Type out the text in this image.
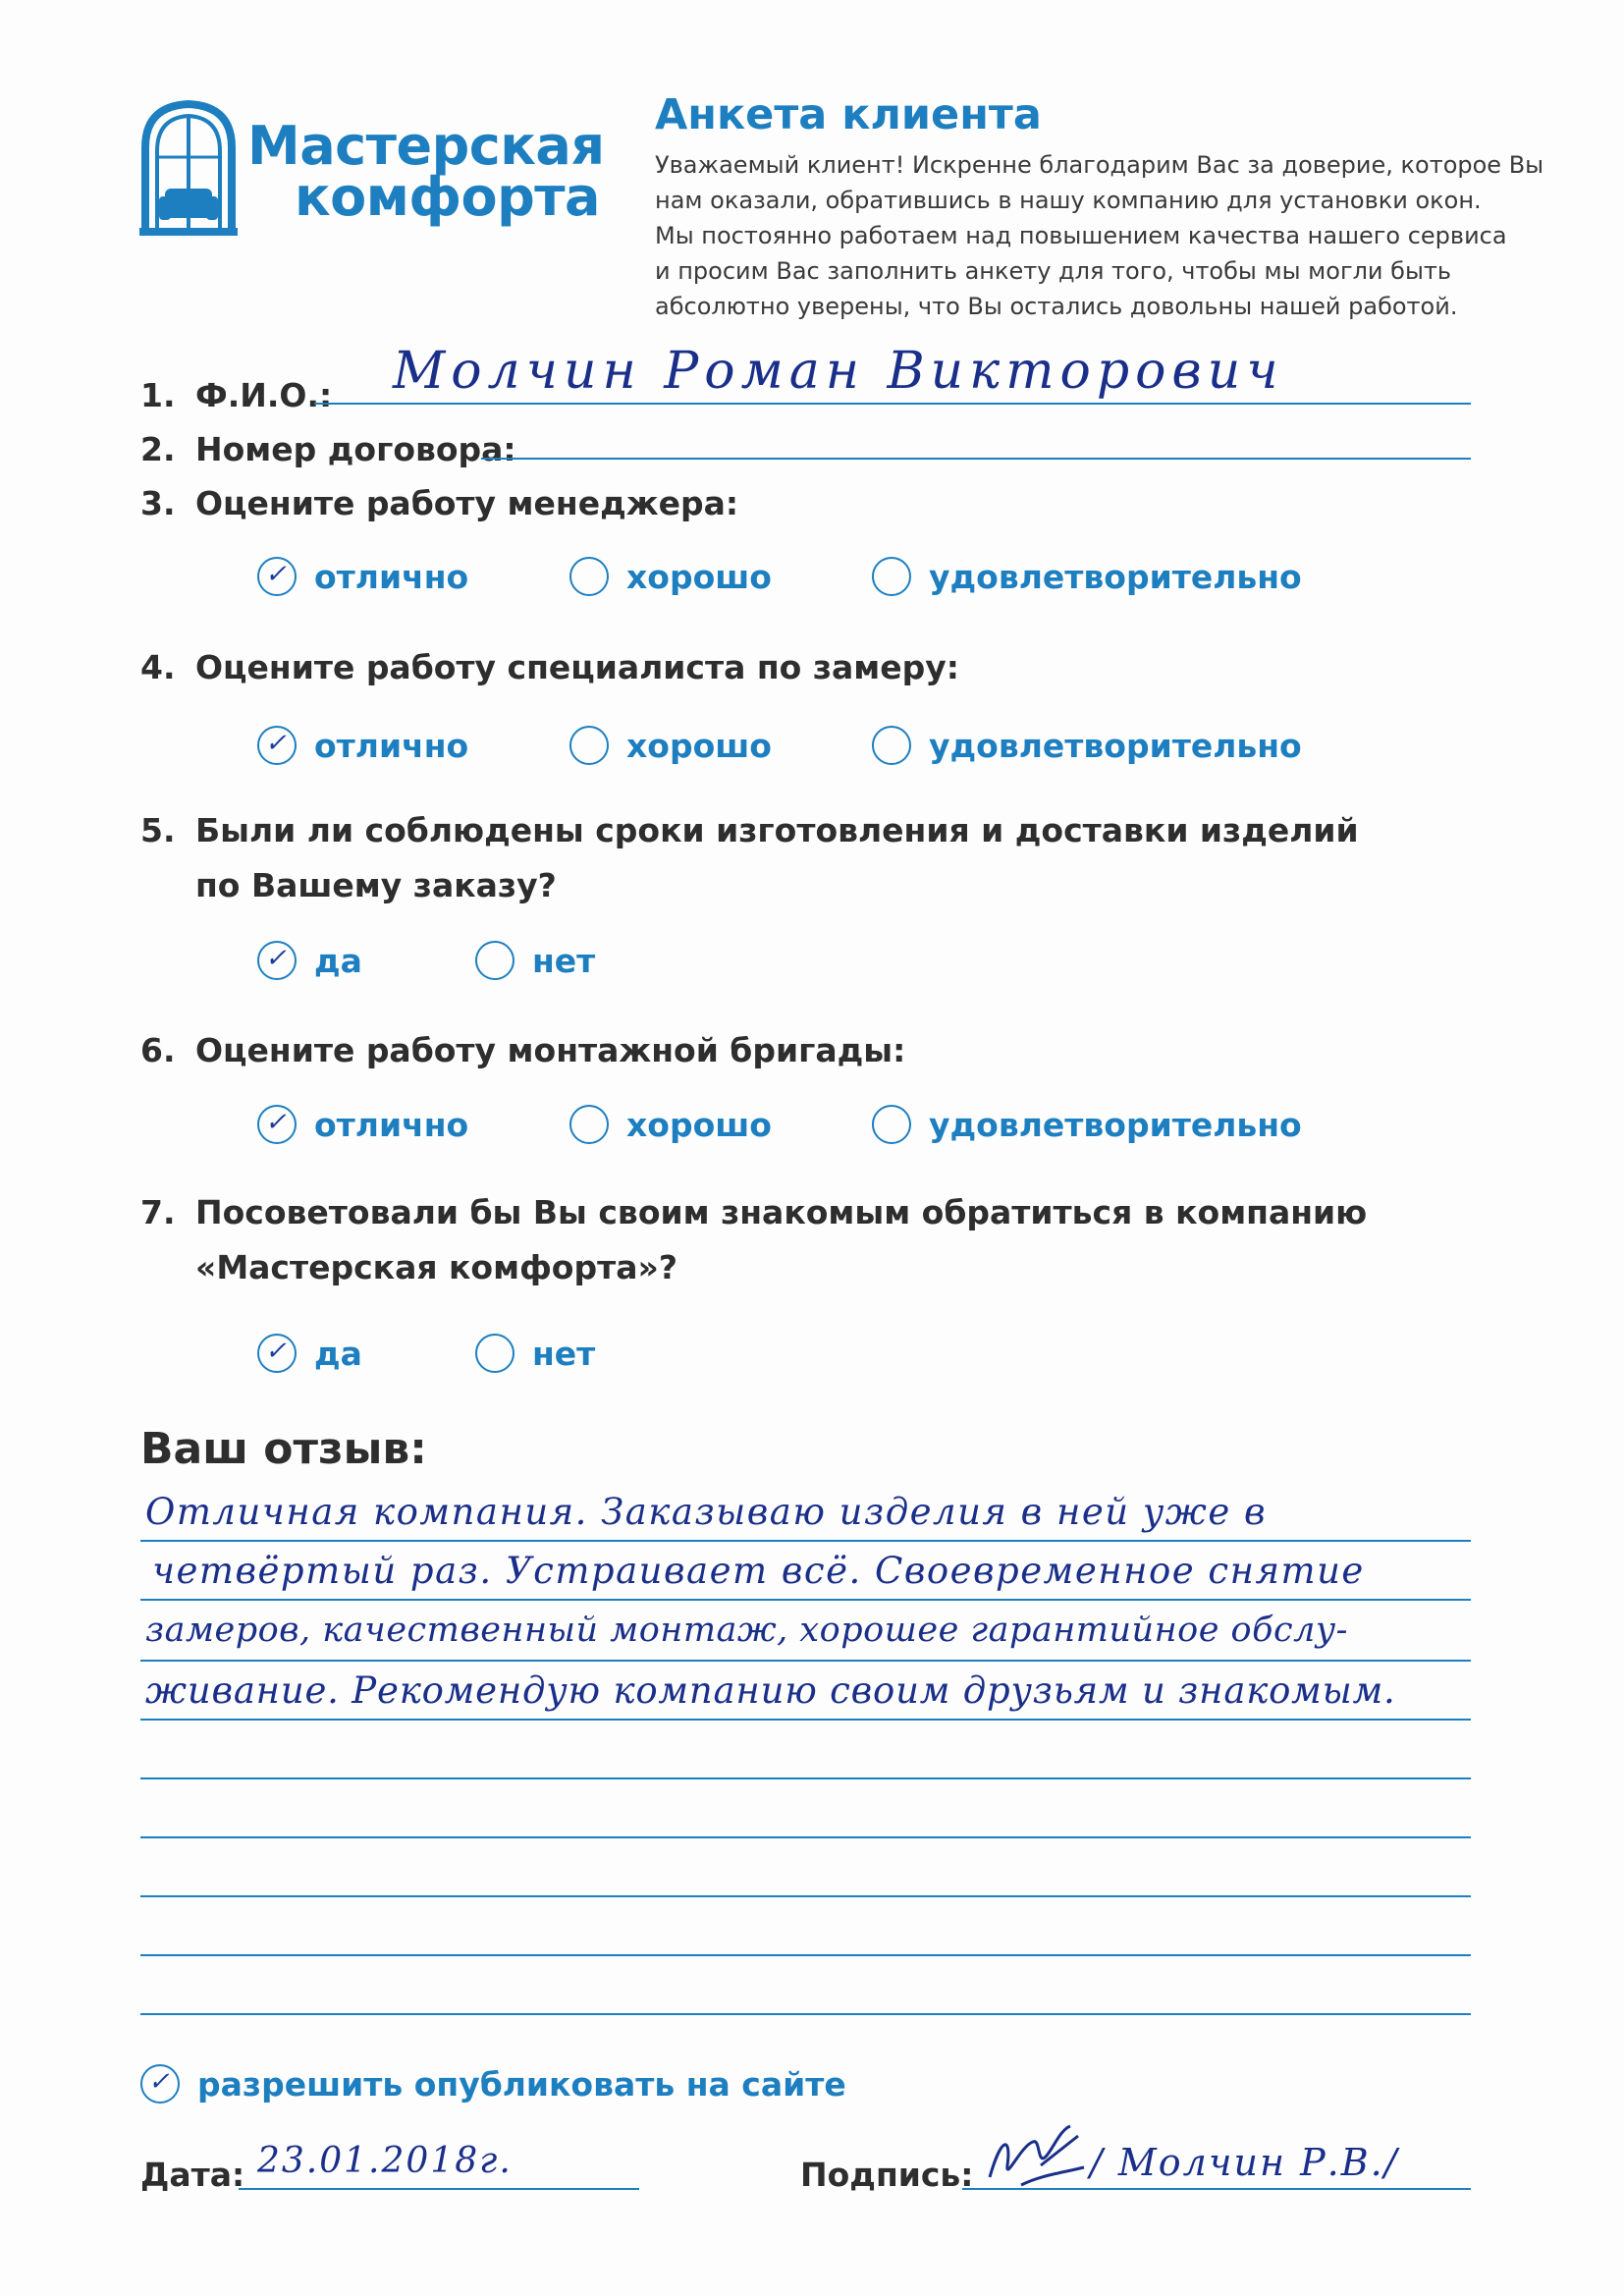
Мастерская
комфорта
Анкета клиента
Уважаемый клиент! Искренне благодарим Вас за доверие, которое Вы
нам оказали, обратившись в нашу компанию для установки окон.
Мы постоянно работаем над повышением качества нашего сервиса
и просим Вас заполнить анкету для того, чтобы мы могли быть
абсолютно уверены, что Вы остались довольны нашей работой.
1. Ф.И.О.: Молчин Роман Викторович
2. Номер договора:
3. Оцените работу менеджера:
✓ отлично	хорошо	удовлетворительно
4. Оцените работу специалиста по замеру:
✓ отлично	хорошо	удовлетворительно
5. Были ли соблюдены сроки изготовления и доставки изделий
по Вашему заказу?
✓ да	нет
6. Оцените работу монтажной бригады:
✓ отлично	хорошо	удовлетворительно
7. Посоветовали бы Вы своим знакомым обратиться в компанию
«Мастерская комфорта»?
✓ да	нет
Ваш отзыв:
Отличная компания. Заказываю изделия в ней уже в
четвёртый раз. Устраивает всё. Своевременное снятие
замеров, качественный монтаж, хорошее гарантийное обслу-
живание. Рекомендую компанию своим друзьям и знакомым.
✓ разрешить опубликовать на сайте
Дата: 23.01.2018г.	Подпись:	/ Молчин Р.В./
